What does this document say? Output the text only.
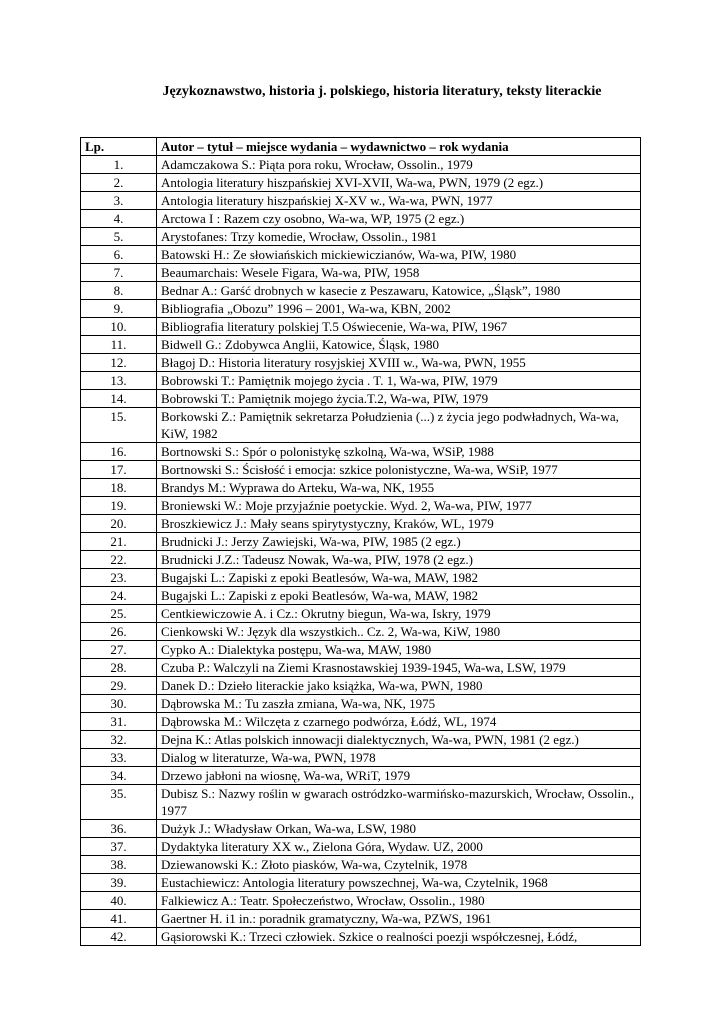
Językoznawstwo, historia j. polskiego, historia literatury, teksty literackie
Lp.	Autor – tytuł – miejsce wydania – wydawnictwo – rok wydania
1.	Adamczakowa S.: Piąta pora roku, Wrocław, Ossolin., 1979
2.	Antologia literatury hiszpańskiej XVI-XVII, Wa-wa, PWN, 1979 (2 egz.)
3.	Antologia literatury hiszpańskiej X-XV w., Wa-wa, PWN, 1977
4.	Arctowa I : Razem czy osobno, Wa-wa, WP, 1975 (2 egz.)
5.	Arystofanes: Trzy komedie, Wrocław, Ossolin., 1981
6.	Batowski H.: Ze słowiańskich mickiewiczianów, Wa-wa, PIW, 1980
7.	Beaumarchais: Wesele Figara, Wa-wa, PIW, 1958
8.	Bednar A.: Garść drobnych w kasecie z Peszawaru, Katowice, „Śląsk”, 1980
9.	Bibliografia „Obozu” 1996 – 2001, Wa-wa, KBN, 2002
10.	Bibliografia literatury polskiej T.5 Oświecenie, Wa-wa, PIW, 1967
11.	Bidwell G.: Zdobywca Anglii, Katowice, Śląsk, 1980
12.	Błagoj D.: Historia literatury rosyjskiej XVIII w., Wa-wa, PWN, 1955
13.	Bobrowski T.: Pamiętnik mojego życia . T. 1, Wa-wa, PIW, 1979
14.	Bobrowski T.: Pamiętnik mojego życia.T.2, Wa-wa, PIW, 1979
15.	Borkowski Z.: Pamiętnik sekretarza Połudzienia (...) z życia jego podwładnych, Wa-wa, KiW, 1982
16.	Bortnowski S.: Spór o polonistykę szkolną, Wa-wa, WSiP, 1988
17.	Bortnowski S.: Ścisłość i emocja: szkice polonistyczne, Wa-wa, WSiP, 1977
18.	Brandys M.: Wyprawa do Arteku, Wa-wa, NK, 1955
19.	Broniewski W.: Moje przyjaźnie poetyckie. Wyd. 2, Wa-wa, PIW, 1977
20.	Broszkiewicz J.: Mały seans spirytystyczny, Kraków, WL, 1979
21.	Brudnicki J.: Jerzy Zawiejski, Wa-wa, PIW, 1985 (2 egz.)
22.	Brudnicki J.Z.: Tadeusz Nowak, Wa-wa, PIW, 1978 (2 egz.)
23.	Bugajski L.: Zapiski z epoki Beatlesów, Wa-wa, MAW, 1982
24.	Bugajski L.: Zapiski z epoki Beatlesów, Wa-wa, MAW, 1982
25.	Centkiewiczowie A. i Cz.: Okrutny biegun, Wa-wa, Iskry, 1979
26.	Cienkowski W.: Język dla wszystkich.. Cz. 2, Wa-wa, KiW, 1980
27.	Cypko A.: Dialektyka postępu, Wa-wa, MAW, 1980
28.	Czuba P.: Walczyli na Ziemi Krasnostawskiej 1939-1945, Wa-wa, LSW, 1979
29.	Danek D.: Dzieło literackie jako książka, Wa-wa, PWN, 1980
30.	Dąbrowska M.: Tu zaszła zmiana, Wa-wa, NK, 1975
31.	Dąbrowska M.: Wilczęta z czarnego podwórza, Łódź, WL, 1974
32.	Dejna K.: Atlas polskich innowacji dialektycznych, Wa-wa, PWN, 1981 (2 egz.)
33.	Dialog w literaturze, Wa-wa, PWN, 1978
34.	Drzewo jabłoni na wiosnę, Wa-wa, WRiT, 1979
35.	Dubisz S.: Nazwy roślin w gwarach ostródzko-warmińsko-mazurskich, Wrocław, Ossolin., 1977
36.	Dużyk J.: Władysław Orkan, Wa-wa, LSW, 1980
37.	Dydaktyka literatury XX w., Zielona Góra, Wydaw. UZ, 2000
38.	Dziewanowski K.: Złoto piasków, Wa-wa, Czytelnik, 1978
39.	Eustachiewicz: Antologia literatury powszechnej, Wa-wa, Czytelnik, 1968
40.	Falkiewicz A.: Teatr. Społeczeństwo, Wrocław, Ossolin., 1980
41.	Gaertner H. i1 in.: poradnik gramatyczny, Wa-wa, PZWS, 1961
42.	Gąsiorowski K.: Trzeci człowiek. Szkice o realności poezji współczesnej, Łódź,
